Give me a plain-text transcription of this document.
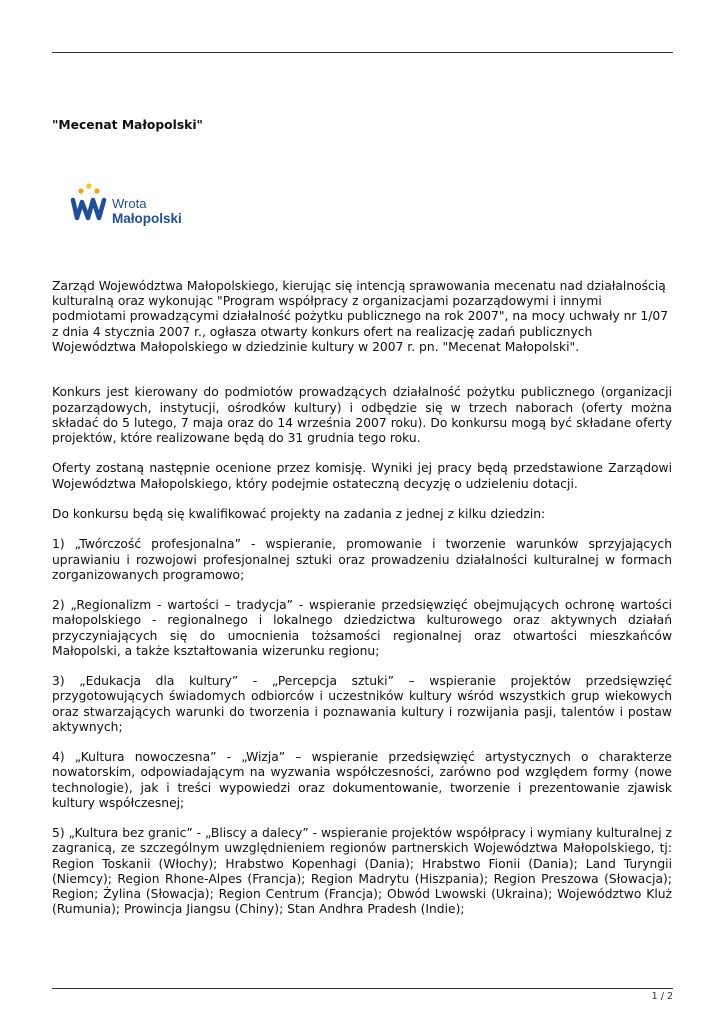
"Mecenat Małopolski"
Wrota
Małopolski

Zarząd Województwa Małopolskiego, kierując się intencją sprawowania mecenatu nad działalnością kulturalną oraz wykonując "Program współpracy z organizacjami pozarządowymi i innymi podmiotami prowadzącymi działalność pożytku publicznego na rok 2007", na mocy uchwały nr 1/07 z dnia 4 stycznia 2007 r., ogłasza otwarty konkurs ofert na realizację zadań publicznych Województwa Małopolskiego w dziedzinie kultury w 2007 r. pn. "Mecenat Małopolski".

Konkurs jest kierowany do podmiotów prowadzących działalność pożytku publicznego (organizacji pozarządowych, instytucji, ośrodków kultury) i odbędzie się w trzech naborach (oferty można składać do 5 lutego, 7 maja oraz do 14 września 2007 roku). Do konkursu mogą być składane oferty projektów, które realizowane będą do 31 grudnia tego roku.

Oferty zostaną następnie ocenione przez komisję. Wyniki jej pracy będą przedstawione Zarządowi Województwa Małopolskiego, który podejmie ostateczną decyzję o udzieleniu dotacji.

Do konkursu będą się kwalifikować projekty na zadania z jednej z kilku dziedzin:

1) „Twórczość profesjonalna” - wspieranie, promowanie i tworzenie warunków sprzyjających uprawianiu i rozwojowi profesjonalnej sztuki oraz prowadzeniu działalności kulturalnej w formach zorganizowanych programowo;

2) „Regionalizm - wartości – tradycja” - wspieranie przedsięwzięć obejmujących ochronę wartości małopolskiego - regionalnego i lokalnego dziedzictwa kulturowego oraz aktywnych działań przyczyniających się do umocnienia tożsamości regionalnej oraz otwartości mieszkańców Małopolski, a także kształtowania wizerunku regionu;

3) „Edukacja dla kultury” - „Percepcja sztuki” – wspieranie projektów przedsięwzięć przygotowujących świadomych odbiorców i uczestników kultury wśród wszystkich grup wiekowych oraz stwarzających warunki do tworzenia i poznawania kultury i rozwijania pasji, talentów i postaw aktywnych;

4) „Kultura nowoczesna” - „Wizja” – wspieranie przedsięwzięć artystycznych o charakterze nowatorskim, odpowiadającym na wyzwania współczesności, zarówno pod względem formy (nowe technologie), jak i treści wypowiedzi oraz dokumentowanie, tworzenie i prezentowanie zjawisk kultury współczesnej;

5) „Kultura bez granic” - „Bliscy a dalecy” - wspieranie projektów współpracy i wymiany kulturalnej z zagranicą, ze szczególnym uwzględnieniem regionów partnerskich Województwa Małopolskiego, tj: Region Toskanii (Włochy); Hrabstwo Kopenhagi (Dania); Hrabstwo Fionii (Dania); Land Turyngii (Niemcy); Region Rhone-Alpes (Francja); Region Madrytu (Hiszpania); Region Preszowa (Słowacja); Region; Żylina (Słowacja); Region Centrum (Francja); Obwód Lwowski (Ukraina); Województwo Kluż (Rumunia); Prowincja Jiangsu (Chiny); Stan Andhra Pradesh (Indie);

1 / 2
